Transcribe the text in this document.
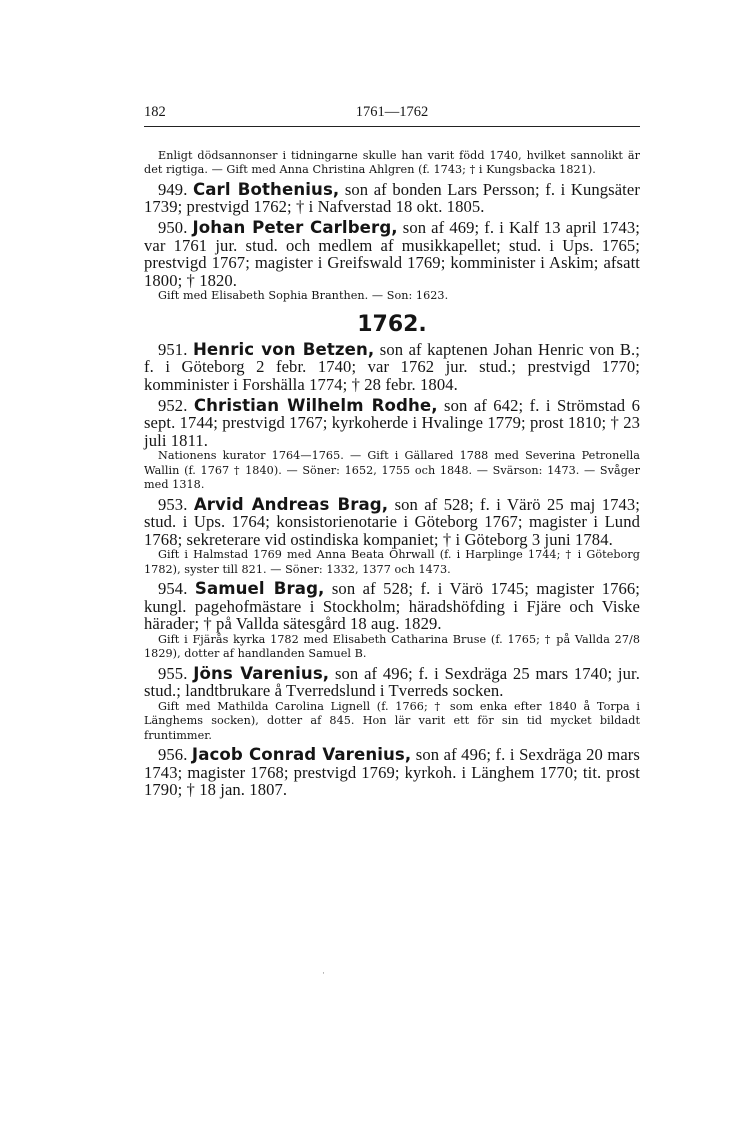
182	1761—1762

Enligt dödsannonser i tidningarne skulle han varit född 1740, hvilket sannolikt är det rigtiga. — Gift med Anna Christina Ahlgren (f. 1743; † i Kungsbacka 1821).

949. Carl Bothenius, son af bonden Lars Persson; f. i Kungsäter 1739; prestvigd 1762; † i Nafverstad 18 okt. 1805.

950. Johan Peter Carlberg, son af 469; f. i Kalf 13 april 1743; var 1761 jur. stud. och medlem af musikkapellet; stud. i Ups. 1765; prestvigd 1767; magister i Greifswald 1769; komminister i Askim; afsatt 1800; † 1820.

Gift med Elisabeth Sophia Branthen. — Son: 1623.

1762.

951. Henric von Betzen, son af kaptenen Johan Henric von B.; f. i Göteborg 2 febr. 1740; var 1762 jur. stud.; prestvigd 1770; komminister i Forshälla 1774; † 28 febr. 1804.

952. Christian Wilhelm Rodhe, son af 642; f. i Strömstad 6 sept. 1744; prestvigd 1767; kyrkoherde i Hvalinge 1779; prost 1810; † 23 juli 1811.

Nationens kurator 1764—1765. — Gift i Gällared 1788 med Severina Petronella Wallin (f. 1767 † 1840). — Söner: 1652, 1755 och 1848. — Svärson: 1473. — Svåger med 1318.

953. Arvid Andreas Brag, son af 528; f. i Värö 25 maj 1743; stud. i Ups. 1764; konsistorienotarie i Göteborg 1767; magister i Lund 1768; sekreterare vid ostindiska kompaniet; † i Göteborg 3 juni 1784.

Gift i Halmstad 1769 med Anna Beata Öhrwall (f. i Harplinge 1744; † i Göteborg 1782), syster till 821. — Söner: 1332, 1377 och 1473.

954. Samuel Brag, son af 528; f. i Värö 1745; magister 1766; kungl. pagehofmästare i Stockholm; häradshöfding i Fjäre och Viske härader; † på Vallda sätesgård 18 aug. 1829.

Gift i Fjärås kyrka 1782 med Elisabeth Catharina Bruse (f. 1765; † på Vallda 27/8 1829), dotter af handlanden Samuel B.

955. Jöns Varenius, son af 496; f. i Sexdräga 25 mars 1740; jur. stud.; landtbrukare å Tverredslund i Tverreds socken.

Gift med Mathilda Carolina Lignell (f. 1766; † som enka efter 1840 å Torpa i Länghems socken), dotter af 845. Hon lär varit ett för sin tid mycket bildadt fruntimmer.

956. Jacob Conrad Varenius, son af 496; f. i Sexdräga 20 mars 1743; magister 1768; prestvigd 1769; kyrkoh. i Länghem 1770; tit. prost 1790; † 18 jan. 1807.

·
